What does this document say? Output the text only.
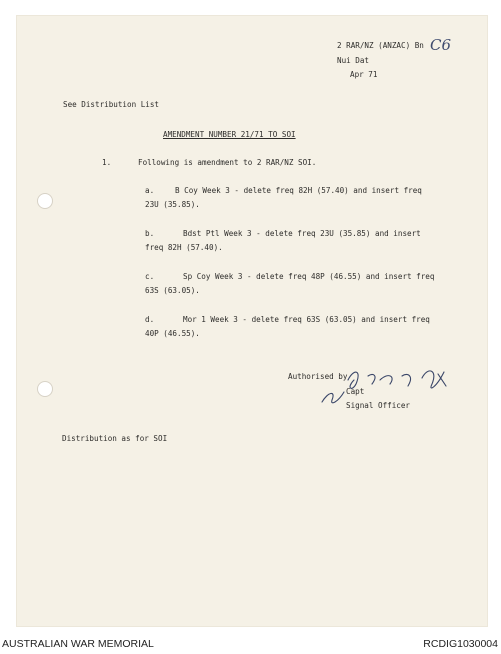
C6

2 RAR/NZ (ANZAC) Bn

Nui Dat

Apr 71

See Distribution List

AMENDMENT NUMBER 21/71 TO SOI

1.	Following is amendment to 2 RAR/NZ SOI.

a.	B Coy Week 3 - delete freq 82H (57.40) and insert freq

23U (35.85).

b.	Bdst Ptl Week 3 - delete freq 23U (35.85) and insert

freq 82H (57.40).

c.	Sp Coy Week 3 - delete freq 48P (46.55) and insert freq

63S (63.05).

d.	Mor 1 Week 3 - delete freq 63S (63.05) and insert freq

40P (46.55).

Authorised by

Capt

Signal Officer

Distribution as for SOI

AUSTRALIAN WAR MEMORIAL	RCDIG1030004
